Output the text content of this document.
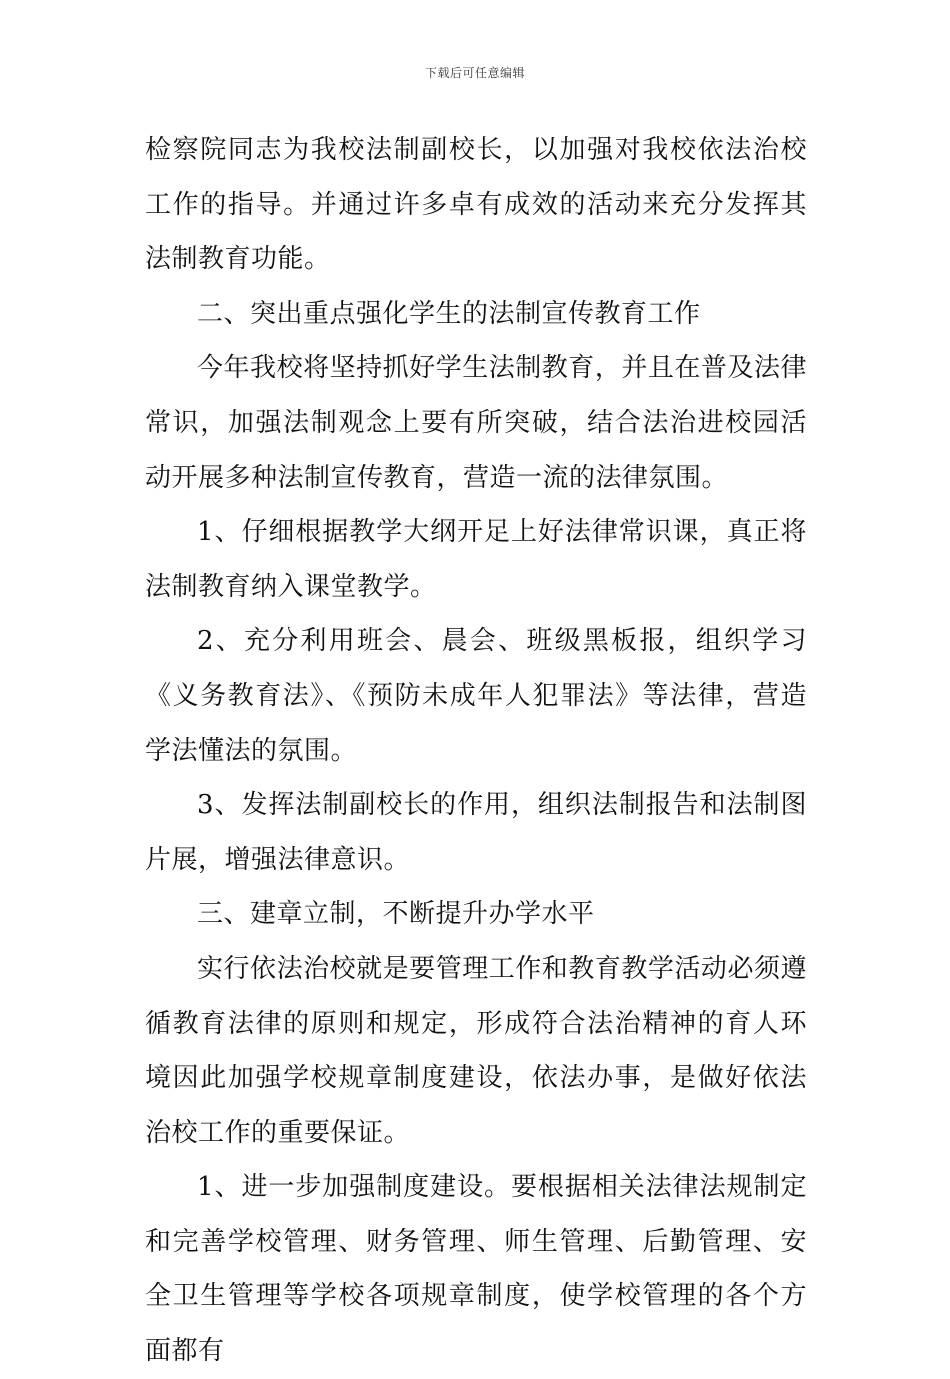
下载后可任意编辑

检察院同志为我校法制副校长，以加强对我校依法治校工作的指导。并通过许多卓有成效的活动来充分发挥其法制教育功能。

二、突出重点强化学生的法制宣传教育工作

今年我校将坚持抓好学生法制教育，并且在普及法律常识，加强法制观念上要有所突破，结合法治进校园活动开展多种法制宣传教育，营造一流的法律氛围。

1、仔细根据教学大纲开足上好法律常识课，真正将法制教育纳入课堂教学。

2、充分利用班会、晨会、班级黑板报，组织学习《义务教育法》、《预防未成年人犯罪法》等法律，营造学法懂法的氛围。

3、发挥法制副校长的作用，组织法制报告和法制图片展，增强法律意识。

三、建章立制，不断提升办学水平

实行依法治校就是要管理工作和教育教学活动必须遵循教育法律的原则和规定，形成符合法治精神的育人环境因此加强学校规章制度建设，依法办事，是做好依法治校工作的重要保证。

1、进一步加强制度建设。要根据相关法律法规制定和完善学校管理、财务管理、师生管理、后勤管理、安全卫生管理等学校各项规章制度，使学校管理的各个方面都有
